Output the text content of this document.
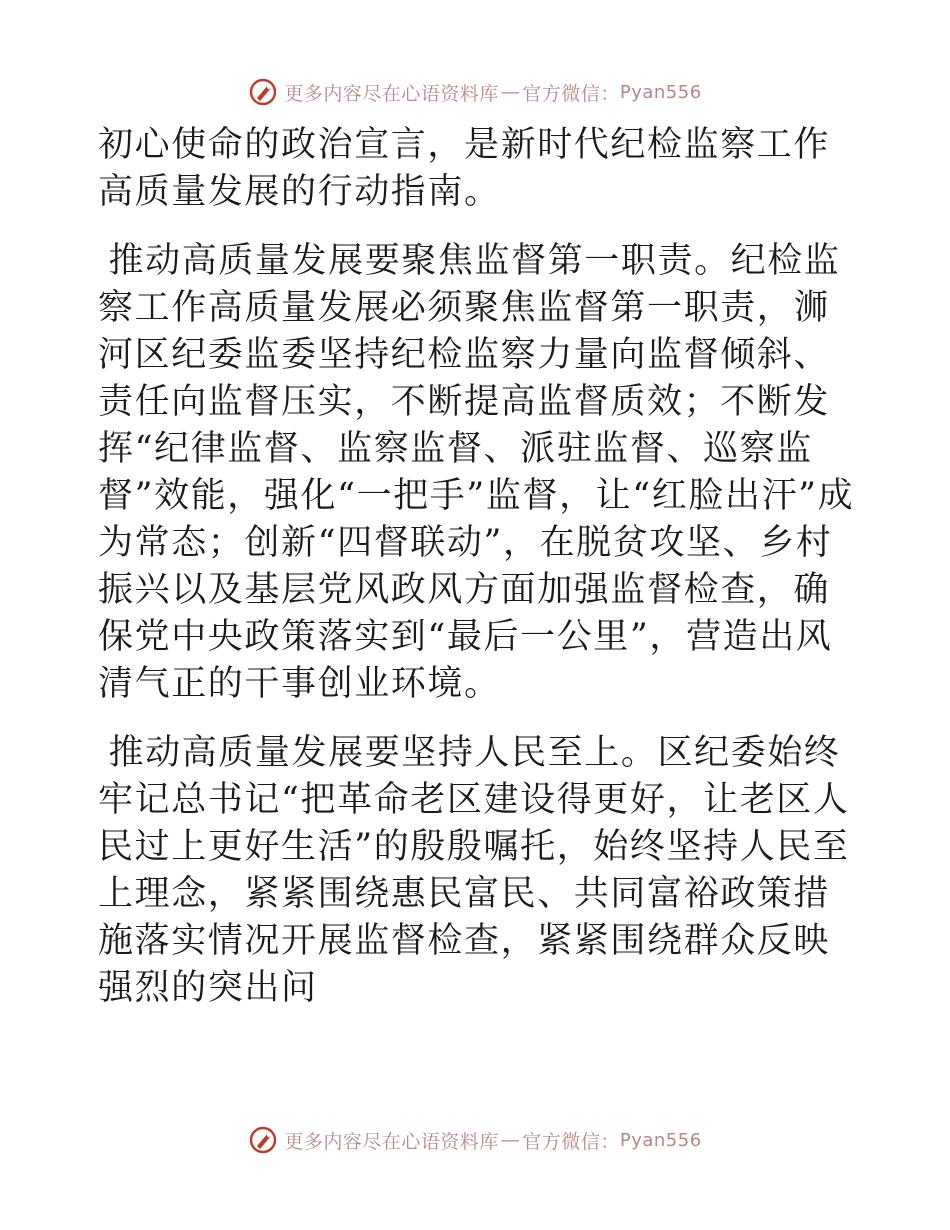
更多内容尽在心语资料库 — 官方微信： Pyan556

初心使命的政治宣言，是新时代纪检监察工作高质量发展的行动指南。

推动高质量发展要聚焦监督第一职责。纪检监察工作高质量发展必须聚焦监督第一职责，浉河区纪委监委坚持纪检监察力量向监督倾斜、责任向监督压实，不断提高监督质效；不断发挥“纪律监督、监察监督、派驻监督、巡察监督”效能，强化“一把手”监督，让“红脸出汗”成为常态；创新“四督联动”，在脱贫攻坚、乡村振兴以及基层党风政风方面加强监督检查，确保党中央政策落实到“最后一公里”，营造出风清气正的干事创业环境。

推动高质量发展要坚持人民至上。区纪委始终牢记总书记“把革命老区建设得更好，让老区人民过上更好生活”的殷殷嘱托，始终坚持人民至上理念，紧紧围绕惠民富民、共同富裕政策措施落实情况开展监督检查，紧紧围绕群众反映强烈的突出问

更多内容尽在心语资料库 — 官方微信： Pyan556
